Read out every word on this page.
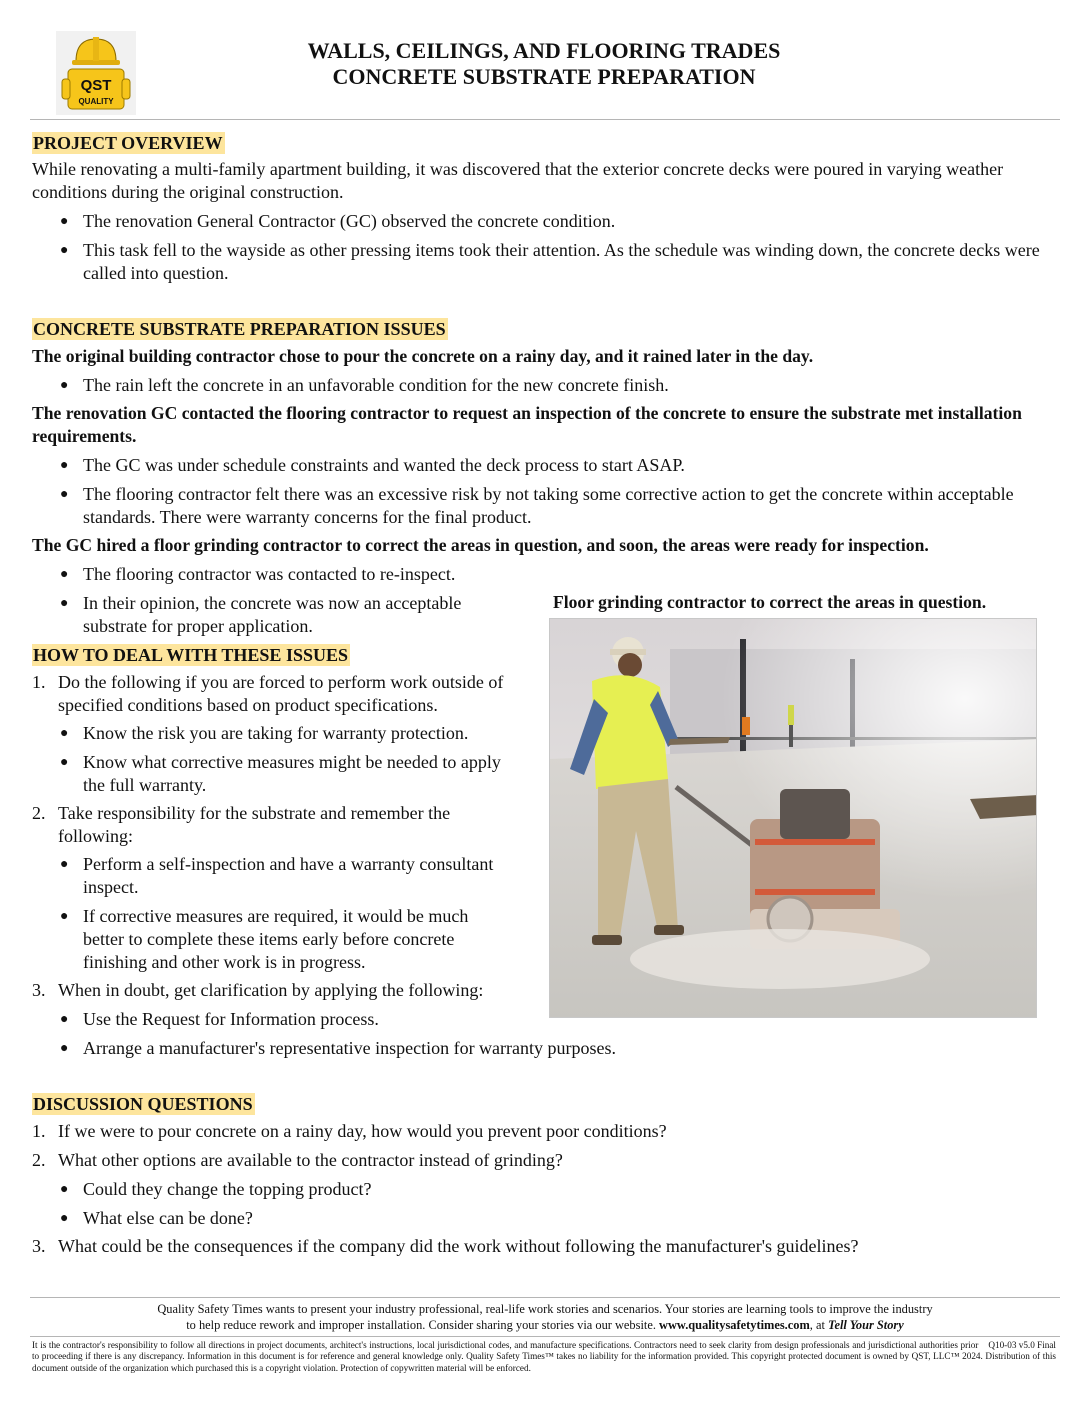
QST
QUALITY
WALLS, CEILINGS, AND FLOORING TRADES
CONCRETE SUBSTRATE PREPARATION
PROJECT OVERVIEW
While renovating a multi-family apartment building, it was discovered that the exterior concrete decks were poured in varying weather conditions during the original construction.
● The renovation General Contractor (GC) observed the concrete condition.
● This task fell to the wayside as other pressing items took their attention. As the schedule was winding down, the concrete decks were called into question.
CONCRETE SUBSTRATE PREPARATION ISSUES
The original building contractor chose to pour the concrete on a rainy day, and it rained later in the day.
● The rain left the concrete in an unfavorable condition for the new concrete finish.
The renovation GC contacted the flooring contractor to request an inspection of the concrete to ensure the substrate met installation requirements.
● The GC was under schedule constraints and wanted the deck process to start ASAP.
● The flooring contractor felt there was an excessive risk by not taking some corrective action to get the concrete within acceptable standards. There were warranty concerns for the final product.
The GC hired a floor grinding contractor to correct the areas in question, and soon, the areas were ready for inspection.
● The flooring contractor was contacted to re-inspect.
● In their opinion, the concrete was now an acceptable substrate for proper application.
Floor grinding contractor to correct the areas in question.
HOW TO DEAL WITH THESE ISSUES
1. Do the following if you are forced to perform work outside of specified conditions based on product specifications.
● Know the risk you are taking for warranty protection.
● Know what corrective measures might be needed to apply the full warranty.
2. Take responsibility for the substrate and remember the following:
● Perform a self-inspection and have a warranty consultant inspect.
● If corrective measures are required, it would be much better to complete these items early before concrete finishing and other work is in progress.
3. When in doubt, get clarification by applying the following:
● Use the Request for Information process.
● Arrange a manufacturer's representative inspection for warranty purposes.
DISCUSSION QUESTIONS
1. If we were to pour concrete on a rainy day, how would you prevent poor conditions?
2. What other options are available to the contractor instead of grinding?
● Could they change the topping product?
● What else can be done?
3. What could be the consequences if the company did the work without following the manufacturer's guidelines?
Quality Safety Times wants to present your industry professional, real-life work stories and scenarios. Your stories are learning tools to improve the industry
to help reduce rework and improper installation. Consider sharing your stories via our website. www.qualitysafetytimes.com, at Tell Your Story
Q10-03 v5.0 Final
It is the contractor's responsibility to follow all directions in project documents, architect's instructions, local jurisdictional codes, and manufacture specifications. Contractors need to seek clarity from design professionals and jurisdictional authorities prior to proceeding if there is any discrepancy. Information in this document is for reference and general knowledge only. Quality Safety Times™ takes no liability for the information provided. This copyright protected document is owned by QST, LLC™ 2024. Distribution of this document outside of the organization which purchased this is a copyright violation. Protection of copywritten material will be enforced.
